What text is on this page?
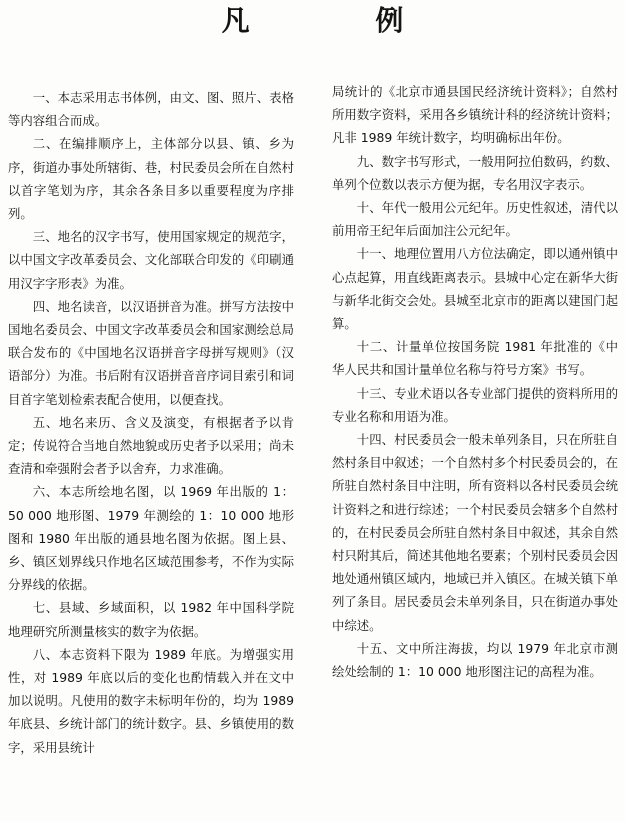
凡 例

一、本志采用志书体例，由文、图、照片、表格等内容组合而成。

二、在编排顺序上，主体部分以县、镇、乡为序，街道办事处所辖街、巷，村民委员会所在自然村以首字笔划为序，其余各条目多以重要程度为序排列。

三、地名的汉字书写，使用国家规定的规范字，以中国文字改革委员会、文化部联合印发的《印刷通用汉字字形表》为准。

四、地名读音，以汉语拼音为准。拼写方法按中国地名委员会、中国文字改革委员会和国家测绘总局联合发布的《中国地名汉语拼音字母拼写规则》（汉语部分）为准。书后附有汉语拼音音序词目索引和词目首字笔划检索表配合使用，以便查找。

五、地名来历、含义及演变，有根据者予以肯定；传说符合当地自然地貌或历史者予以采用；尚未查清和牵强附会者予以舍弃，力求准确。

六、本志所绘地名图，以 1969 年出版的 1：50 000 地形图、1979 年测绘的 1：10 000 地形图和 1980 年出版的通县地名图为依据。图上县、乡、镇区划界线只作地名区域范围参考，不作为实际分界线的依据。

七、县域、乡域面积，以 1982 年中国科学院地理研究所测量核实的数字为依据。

八、本志资料下限为 1989 年底。为增强实用性，对 1989 年底以后的变化也酌情载入并在文中加以说明。凡使用的数字未标明年份的，均为 1989 年底县、乡统计部门的统计数字。县、乡镇使用的数字，采用县统计

局统计的《北京市通县国民经济统计资料》；自然村所用数字资料，采用各乡镇统计科的经济统计资料；凡非 1989 年统计数字，均明确标出年份。

九、数字书写形式，一般用阿拉伯数码，约数、单列个位数以表示方便为据，专名用汉字表示。

十、年代一般用公元纪年。历史性叙述，清代以前用帝王纪年后面加注公元纪年。

十一、地理位置用八方位法确定，即以通州镇中心点起算，用直线距离表示。县城中心定在新华大街与新华北街交会处。县城至北京市的距离以建国门起算。

十二、计量单位按国务院 1981 年批准的《中华人民共和国计量单位名称与符号方案》书写。

十三、专业术语以各专业部门提供的资料所用的专业名称和用语为准。

十四、村民委员会一般未单列条目，只在所驻自然村条目中叙述；一个自然村多个村民委员会的，在所驻自然村条目中注明，所有资料以各村民委员会统计资料之和进行综述；一个村民委员会辖多个自然村的，在村民委员会所驻自然村条目中叙述，其余自然村只附其后，简述其他地名要素；个别村民委员会因地处通州镇区域内，地域已并入镇区。在城关镇下单列了条目。居民委员会未单列条目，只在街道办事处中综述。

十五、文中所注海拔，均以 1979 年北京市测绘处绘制的 1：10 000 地形图注记的高程为准。
